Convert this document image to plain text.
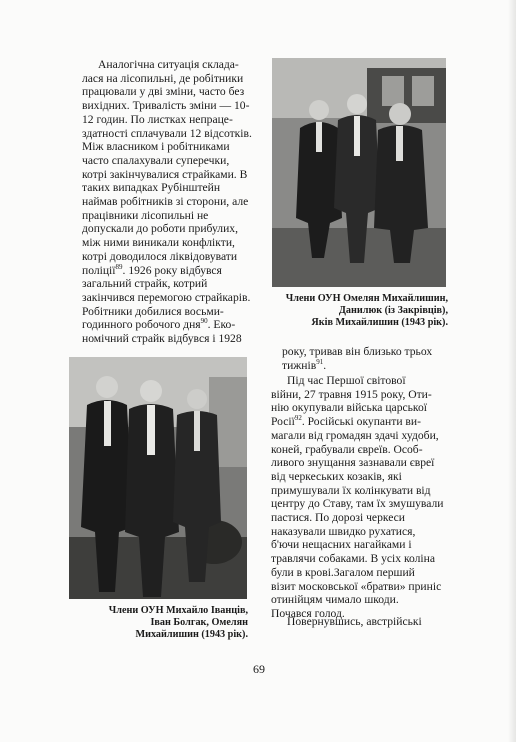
Аналогічна ситуація склада-
лася на лісопильні, де робітники
працювали у дві зміни, часто без
вихідних. Тривалість зміни — 10-
12 годин. По листках непраце-
здатності сплачували 12 відсотків.
Між власником і робітниками
часто спалахували суперечки,
котрі закінчувалися страйками. В
таких випадках Рубінштейн
наймав робітників зі сторони, але
працівники лісопильні не
допускали до роботи прибулих,
між ними виникали конфлікти,
котрі доводилося ліквідовувати
поліції$^{89}$. 1926 року відбувся
загальний страйк, котрий
закінчився перемогою страйкарів.
Робітники добилися восьми-
годинного робочого дня$^{90}$. Еко-
номічний страйк відбувся і 1928

Члени ОУН Омелян Михайлишин,
Данилюк (із Закрівців),
Яків Михайлишин (1943 рік).

року, тривав він близько трьох
тижнів$^{91}$.

Під час Першої світової
війни, 27 травня 1915 року, Оти-
нію окупували війська царської
Росії$^{92}$. Російські окупанти ви-
магали від громадян здачі худоби,
коней, грабували євреїв. Особ-
ливого знущання зазнавали євреї
від черкеських козаків, які
примушували їх колінкувати від
центру до Ставу, там їх змушували
пастися. По дорозі черкеси
наказували швидко рухатися,
б'ючи нещасних нагайками і
травлячи собаками. В усіх коліна
були в крові.Загалом перший
візит московської «братви» приніс
отинійцям чимало шкоди.
Почався голод.

Повернувшись, австрійські

Члени ОУН Михайло Іванців,
Іван Болгак, Омелян
Михайлишин (1943 рік).

69
